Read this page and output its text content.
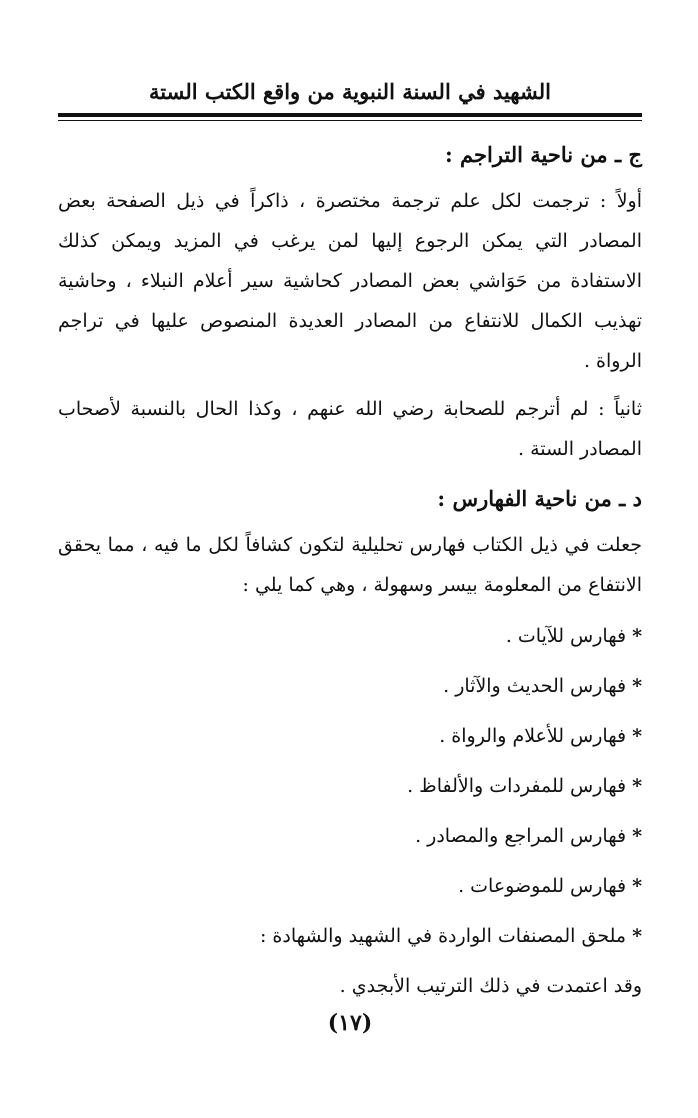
الشهيد في السنة النبوية من واقع الكتب الستة

ج ـ من ناحية التراجم :

أولاً : ترجمت لكل علم ترجمة مختصرة ، ذاكراً في ذيل الصفحة بعض المصادر التي يمكن الرجوع إليها لمن يرغب في المزيد ويمكن كذلك الاستفادة من حَوَاشي بعض المصادر كحاشية سير أعلام النبلاء ، وحاشية تهذيب الكمال للانتفاع من المصادر العديدة المنصوص عليها في تراجم الرواة .

ثانياً : لم أترجم للصحابة رضي الله عنهم ، وكذا الحال بالنسبة لأصحاب المصادر الستة .

د ـ من ناحية الفهارس :

جعلت في ذيل الكتاب فهارس تحليلية لتكون كشافاً لكل ما فيه ، مما يحقق الانتفاع من المعلومة بيسر وسهولة ، وهي كما يلي :

*فهارس للآيات .

*فهارس الحديث والآثار .

*فهارس للأعلام والرواة .

*فهارس للمفردات والألفاظ .

*فهارس المراجع والمصادر .

*فهارس للموضوعات .

*ملحق المصنفات الواردة في الشهيد والشهادة :

وقد اعتمدت في ذلك الترتيب الأبجدي .

(١٧)
